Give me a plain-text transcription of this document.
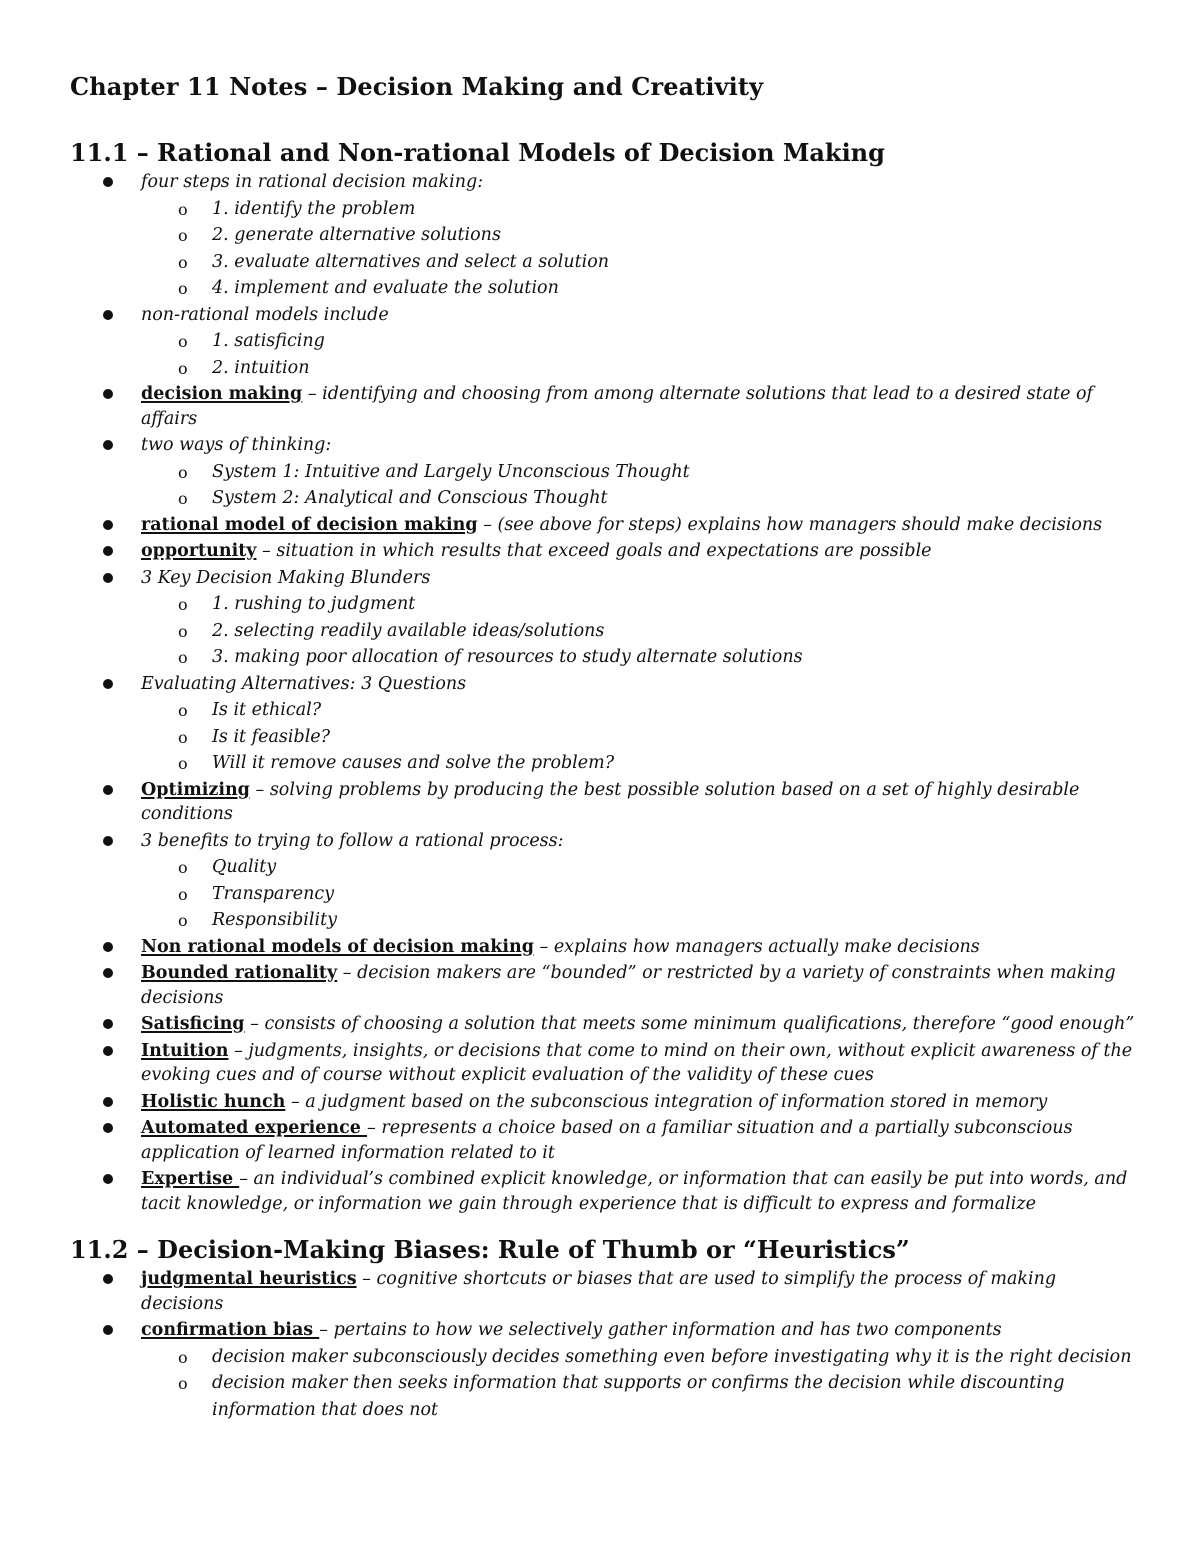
Chapter 11 Notes – Decision Making and Creativity
11.1 – Rational and Non-rational Models of Decision Making
four steps in rational decision making:
o 1. identify the problem
o 2. generate alternative solutions
o 3. evaluate alternatives and select a solution
o 4. implement and evaluate the solution
non-rational models include
o 1. satisficing
o 2. intuition
decision making – identifying and choosing from among alternate solutions that lead to a desired state of
affairs
two ways of thinking:
o System 1: Intuitive and Largely Unconscious Thought
o System 2: Analytical and Conscious Thought
rational model of decision making – (see above for steps) explains how managers should make decisions
opportunity – situation in which results that exceed goals and expectations are possible
3 Key Decision Making Blunders
o 1. rushing to judgment
o 2. selecting readily available ideas/solutions
o 3. making poor allocation of resources to study alternate solutions
Evaluating Alternatives: 3 Questions
o Is it ethical?
o Is it feasible?
o Will it remove causes and solve the problem?
Optimizing – solving problems by producing the best possible solution based on a set of highly desirable
conditions
3 benefits to trying to follow a rational process:
o Quality
o Transparency
o Responsibility
Non rational models of decision making – explains how managers actually make decisions
Bounded rationality – decision makers are “bounded” or restricted by a variety of constraints when making
decisions
Satisficing – consists of choosing a solution that meets some minimum qualifications, therefore “good enough”
Intuition – judgments, insights, or decisions that come to mind on their own, without explicit awareness of the
evoking cues and of course without explicit evaluation of the validity of these cues
Holistic hunch – a judgment based on the subconscious integration of information stored in memory
Automated experience – represents a choice based on a familiar situation and a partially subconscious
application of learned information related to it
Expertise – an individual’s combined explicit knowledge, or information that can easily be put into words, and
tacit knowledge, or information we gain through experience that is difficult to express and formalize
11.2 – Decision-Making Biases: Rule of Thumb or “Heuristics”
judgmental heuristics – cognitive shortcuts or biases that are used to simplify the process of making
decisions
confirmation bias – pertains to how we selectively gather information and has two components
o decision maker subconsciously decides something even before investigating why it is the right decision
o decision maker then seeks information that supports or confirms the decision while discounting
information that does not
